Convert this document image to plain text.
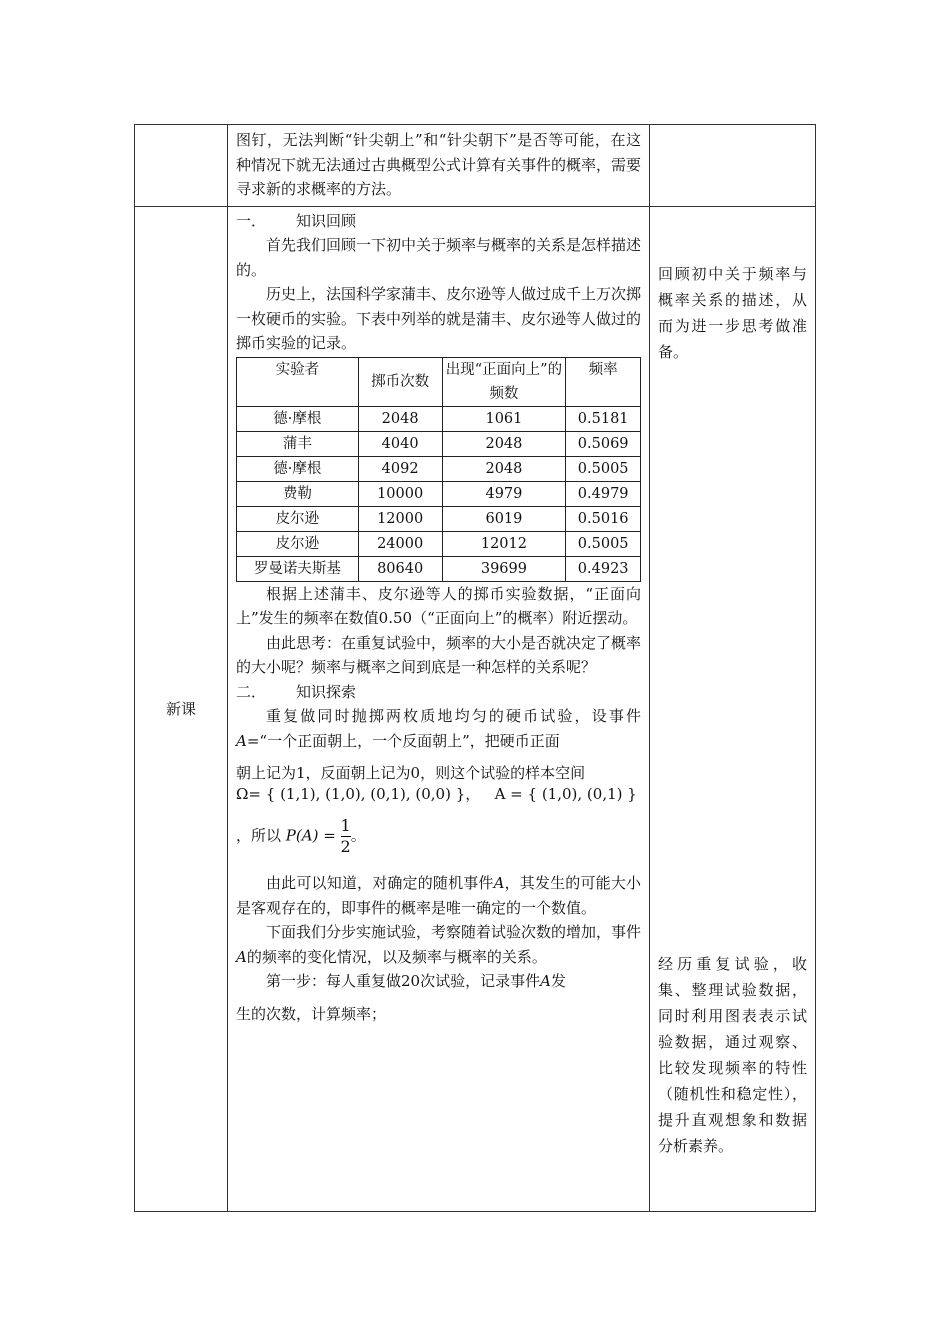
图钉，无法判断“针尖朝上”和“针尖朝下”是否等可能，在这种情况下就无法通过古典概型公式计算有关事件的概率，需要寻求新的求概率的方法。

新课	

一． 知识回顾

首先我们回顾一下初中关于频率与概率的关系是怎样描述的。

历史上，法国科学家蒲丰、皮尔逊等人做过成千上万次掷一枚硬币的实验。下表中列举的就是蒲丰、皮尔逊等人做过的掷币实验的记录。

实验者	掷币次数	出现“正面向上”的频数	频率
德·摩根	2048	1061	0.5181
蒲丰	4040	2048	0.5069
德·摩根	4092	2048	0.5005
费勒	10000	4979	0.4979
皮尔逊	12000	6019	0.5016
皮尔逊	24000	12012	0.5005
罗曼诺夫斯基	80640	39699	0.4923

根据上述蒲丰、皮尔逊等人的掷币实验数据，“正面向上”发生的频率在数值0.50（“正面向上”的概率）附近摆动。

由此思考：在重复试验中，频率的大小是否就决定了概率的大小呢？频率与概率之间到底是一种怎样的关系呢？

二． 知识探索

重复做同时抛掷两枚质地均匀的硬币试验，设事件A=“一个正面朝上，一个反面朝上”，把硬币正面

朝上记为1，反面朝上记为0，则这个试验的样本空间

Ω= { (1,1), (1,0), (0,1), (0,0) }， A = { (1,0), (0,1) }

，所以 $P(A) = \frac{1}{2}$ 。

由此可以知道，对确定的随机事件A，其发生的可能大小是客观存在的，即事件的概率是唯一确定的一个数值。

下面我们分步实施试验，考察随着试验次数的增加，事件A的频率的变化情况，以及频率与概率的关系。

第一步：每人重复做20次试验，记录事件A发

生的次数，计算频率；

回顾初中关于频率与概率关系的描述，从而为进一步思考做准备。

经历重复试验，收集、整理试验数据，同时利用图表表示试验数据，通过观察、比较发现频率的特性（随机性和稳定性），提升直观想象和数据分析素养。
